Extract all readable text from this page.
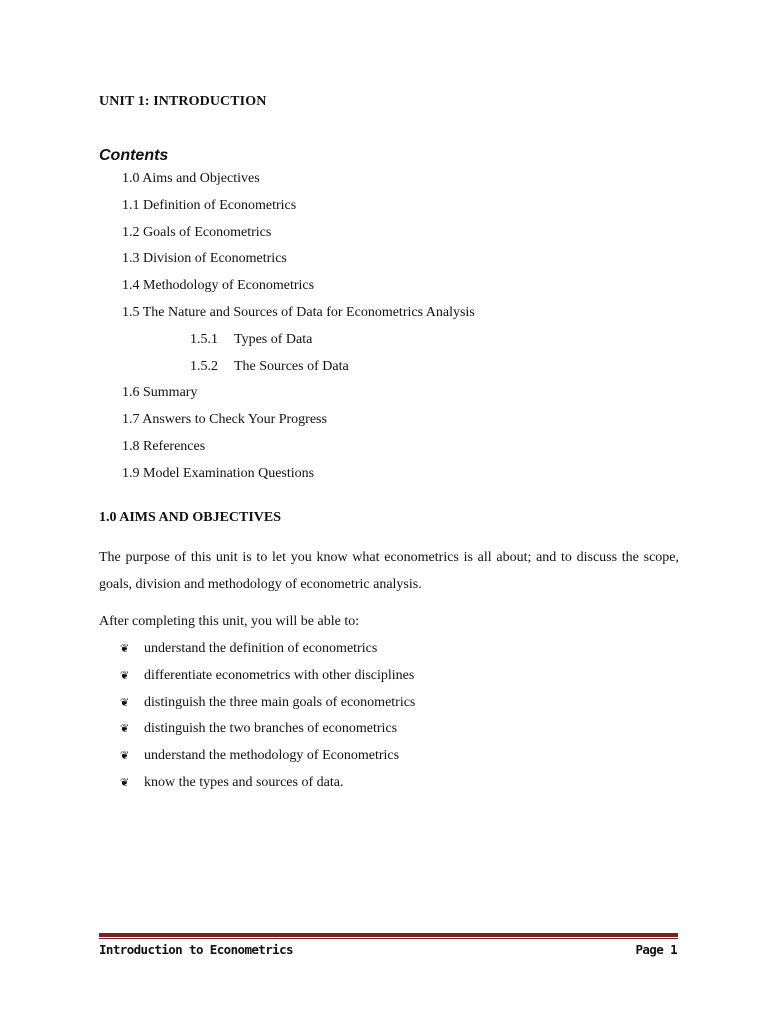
UNIT 1: INTRODUCTION
Contents
1.0 Aims and Objectives
1.1 Definition of Econometrics
1.2 Goals of Econometrics
1.3 Division of Econometrics
1.4 Methodology of Econometrics
1.5 The Nature and Sources of Data for Econometrics Analysis
1.5.1 Types of Data
1.5.2 The Sources of Data
1.6 Summary
1.7 Answers to Check Your Progress
1.8 References
1.9 Model Examination Questions
1.0 AIMS AND OBJECTIVES

The purpose of this unit is to let you know what econometrics is all about; and to discuss the scope, goals, division and methodology of econometric analysis.

After completing this unit, you will be able to:

❦ understand the definition of econometrics
❦ differentiate econometrics with other disciplines
❦ distinguish the three main goals of econometrics
❦ distinguish the two branches of econometrics
❦ understand the methodology of Econometrics
❦ know the types and sources of data.
Introduction to Econometrics	Page 1
